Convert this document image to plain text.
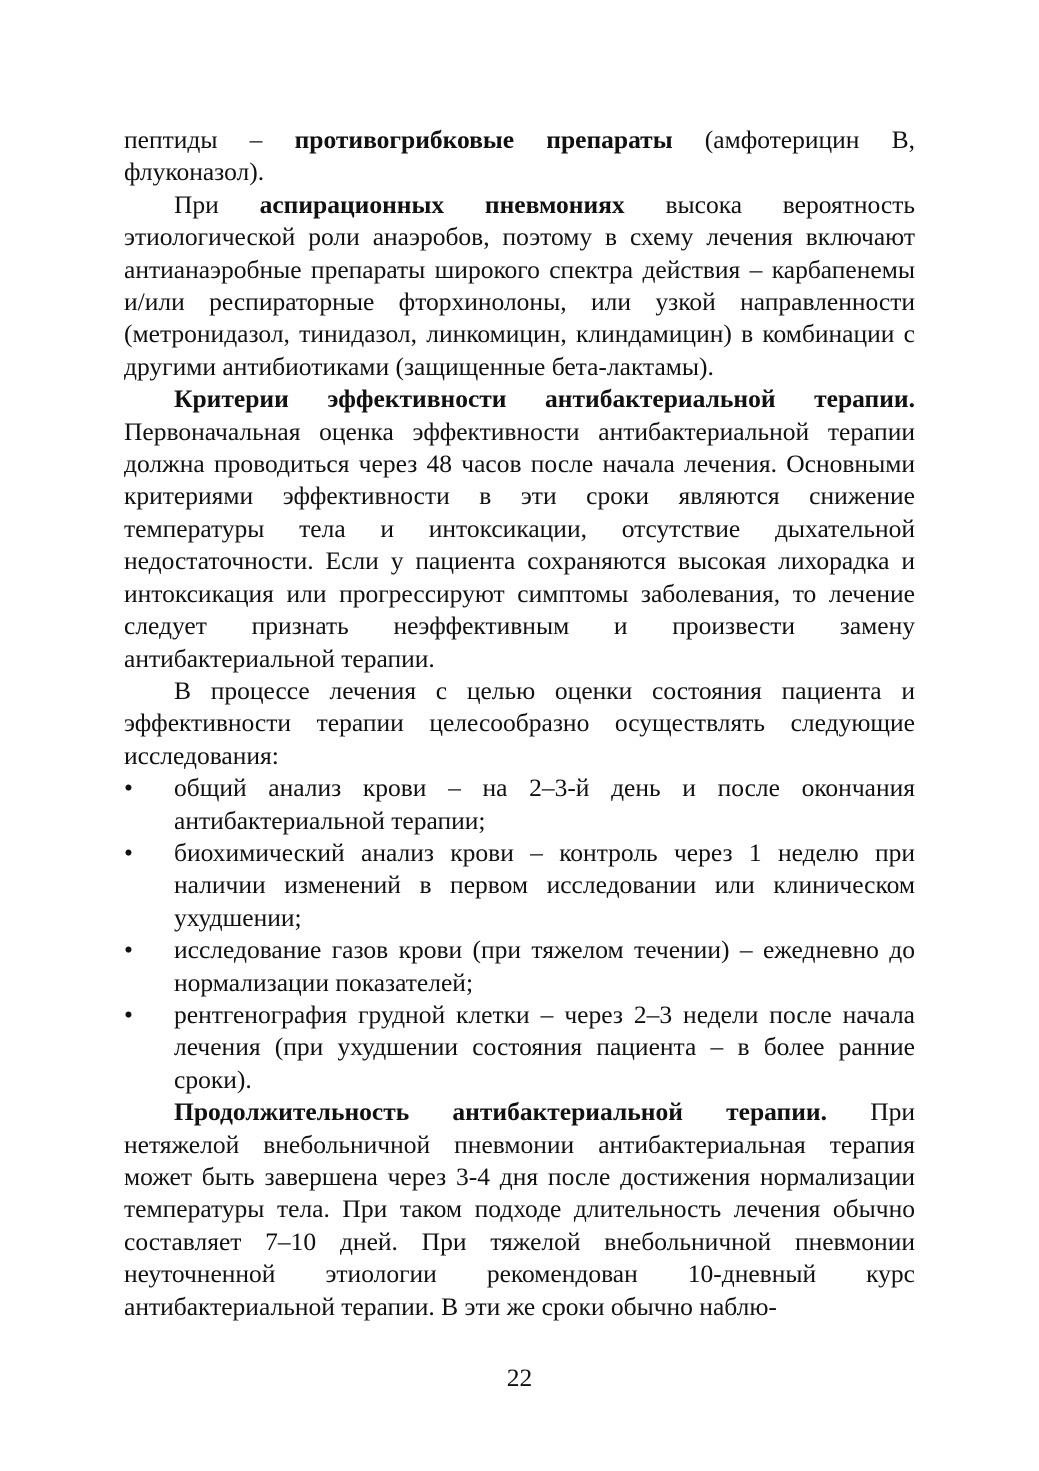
пептиды – противогрибковые препараты (амфотерицин В, флуконазол).

При аспирационных пневмониях высока вероятность этиологической роли анаэробов, поэтому в схему лечения включают антианаэробные препараты широкого спектра действия – карбапенемы и/или респираторные фторхинолоны, или узкой направленности (метронидазол, тинидазол, линкомицин, клиндамицин) в комбинации с другими антибиотиками (защищенные бета-лактамы).

Критерии эффективности антибактериальной терапии. Первоначальная оценка эффективности антибактериальной терапии должна проводиться через 48 часов после начала лечения. Основными критериями эффективности в эти сроки являются снижение температуры тела и интоксикации, отсутствие дыхательной недостаточности. Если у пациента сохраняются высокая лихорадка и интоксикация или прогрессируют симптомы заболевания, то лечение следует признать неэффективным и произвести замену антибактериальной терапии.

В процессе лечения с целью оценки состояния пациента и эффективности терапии целесообразно осуществлять следующие исследования:

• общий анализ крови – на 2–3-й день и после окончания антибактериальной терапии;
• биохимический анализ крови – контроль через 1 неделю при наличии изменений в первом исследовании или клиническом ухудшении;
• исследование газов крови (при тяжелом течении) – ежедневно до нормализации показателей;
• рентгенография грудной клетки – через 2–3 недели после начала лечения (при ухудшении состояния пациента – в более ранние сроки).

Продолжительность антибактериальной терапии. При нетяжелой внебольничной пневмонии антибактериальная терапия может быть завершена через 3-4 дня после достижения нормализации температуры тела. При таком подходе длительность лечения обычно составляет 7–10 дней. При тяжелой внебольничной пневмонии неуточненной этиологии рекомендован 10-дневный курс антибактериальной терапии. В эти же сроки обычно наблю-

22
